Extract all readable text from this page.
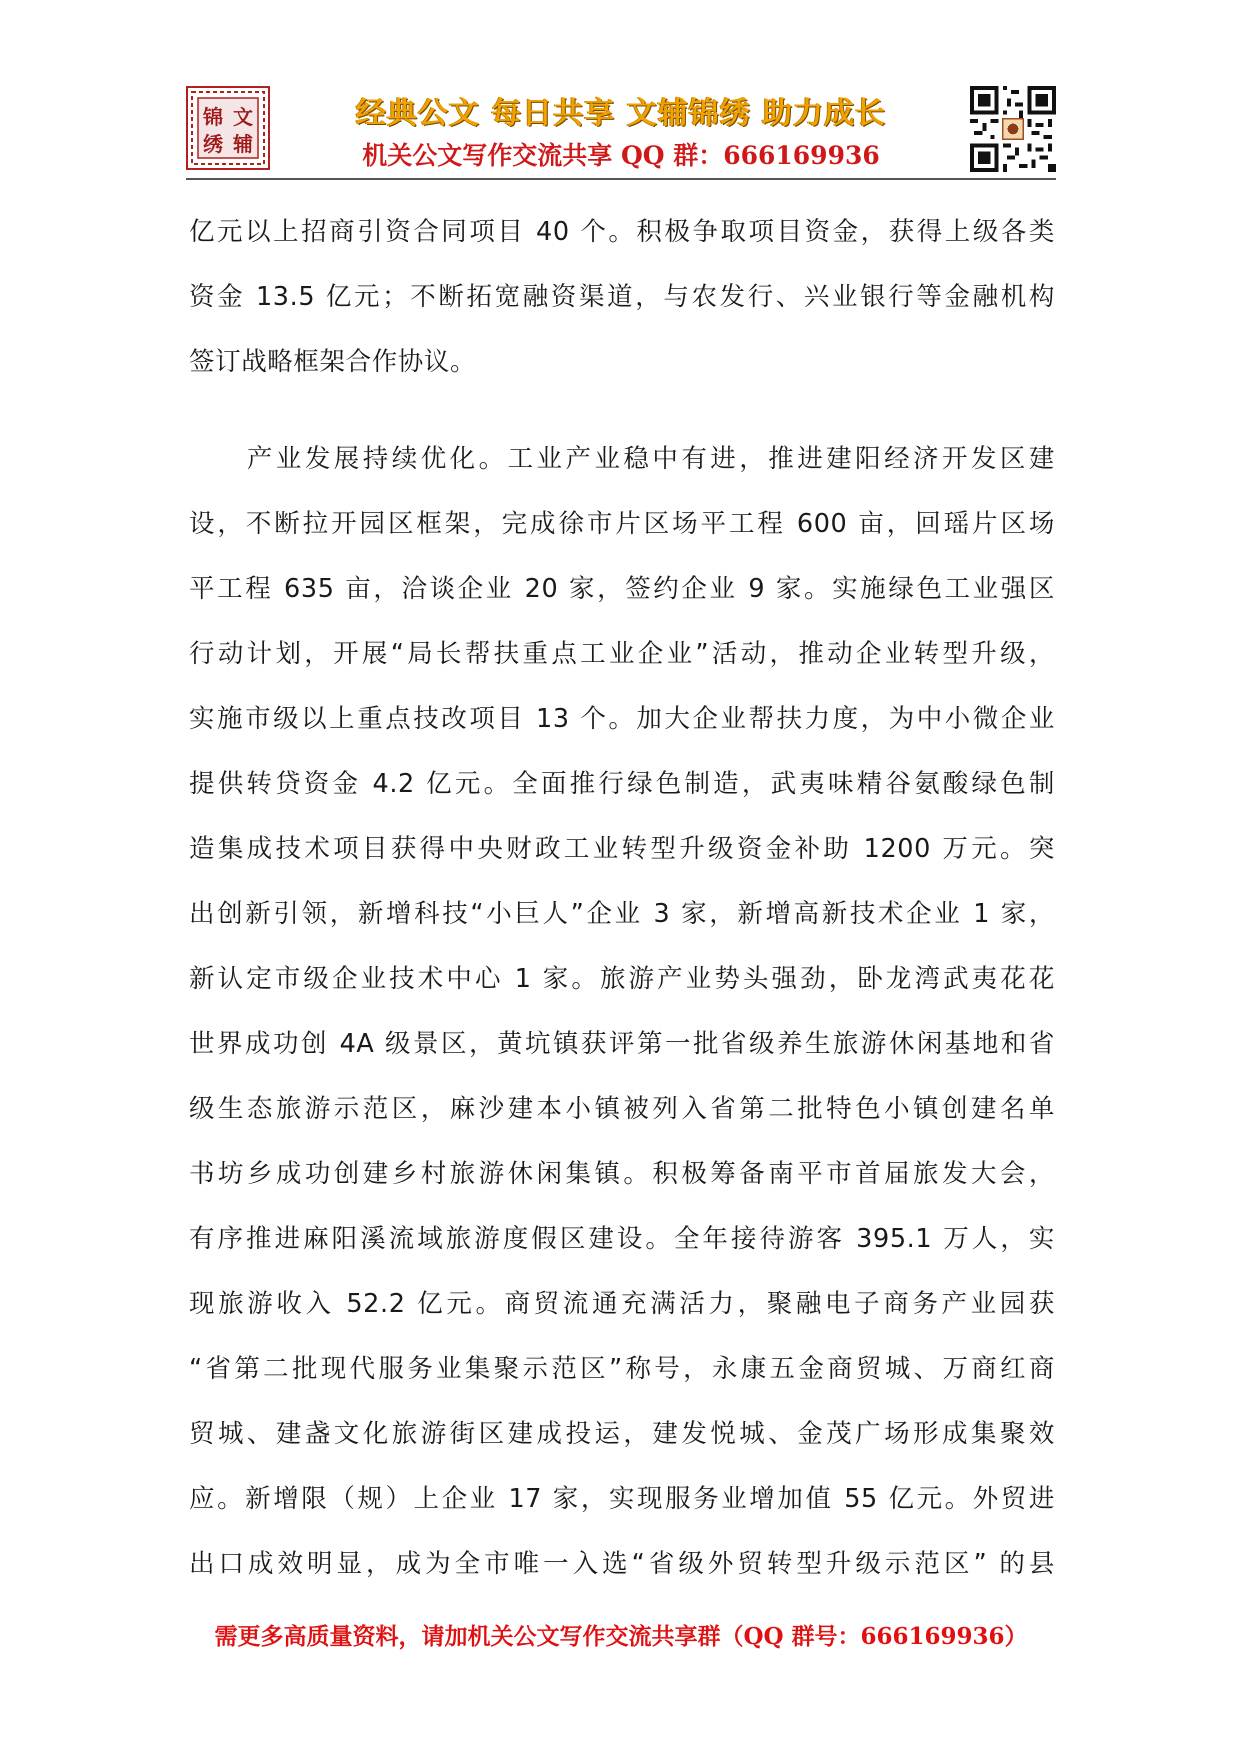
锦 文
绣 辅
经典公文 每日共享 文辅锦绣 助力成长
机关公文写作交流共享 QQ 群：666169936
亿元以上招商引资合同项目 40 个。积极争取项目资金，获得上级各类
资金 13.5 亿元；不断拓宽融资渠道，与农发行、兴业银行等金融机构
签订战略框架合作协议。
　　产业发展持续优化。工业产业稳中有进，推进建阳经济开发区建
设，不断拉开园区框架，完成徐市片区场平工程 600 亩，回瑶片区场
平工程 635 亩，洽谈企业 20 家，签约企业 9 家。实施绿色工业强区
行动计划，开展“局长帮扶重点工业企业”活动，推动企业转型升级，
实施市级以上重点技改项目 13 个。加大企业帮扶力度，为中小微企业
提供转贷资金 4.2 亿元。全面推行绿色制造，武夷味精谷氨酸绿色制
造集成技术项目获得中央财政工业转型升级资金补助 1200 万元。突
出创新引领，新增科技“小巨人”企业 3 家，新增高新技术企业 1 家，
新认定市级企业技术中心 1 家。旅游产业势头强劲，卧龙湾武夷花花
世界成功创 4A 级景区，黄坑镇获评第一批省级养生旅游休闲基地和省
级生态旅游示范区，麻沙建本小镇被列入省第二批特色小镇创建名单
书坊乡成功创建乡村旅游休闲集镇。积极筹备南平市首届旅发大会，
有序推进麻阳溪流域旅游度假区建设。全年接待游客 395.1 万人，实
现旅游收入 52.2 亿元。商贸流通充满活力，聚融电子商务产业园获
“省第二批现代服务业集聚示范区”称号，永康五金商贸城、万商红商
贸城、建盏文化旅游街区建成投运，建发悦城、金茂广场形成集聚效
应。新增限（规）上企业 17 家，实现服务业增加值 55 亿元。外贸进
出口成效明显，成为全市唯一入选“省级外贸转型升级示范区” 的县
需更多高质量资料，请加机关公文写作交流共享群（QQ 群号：666169936）
